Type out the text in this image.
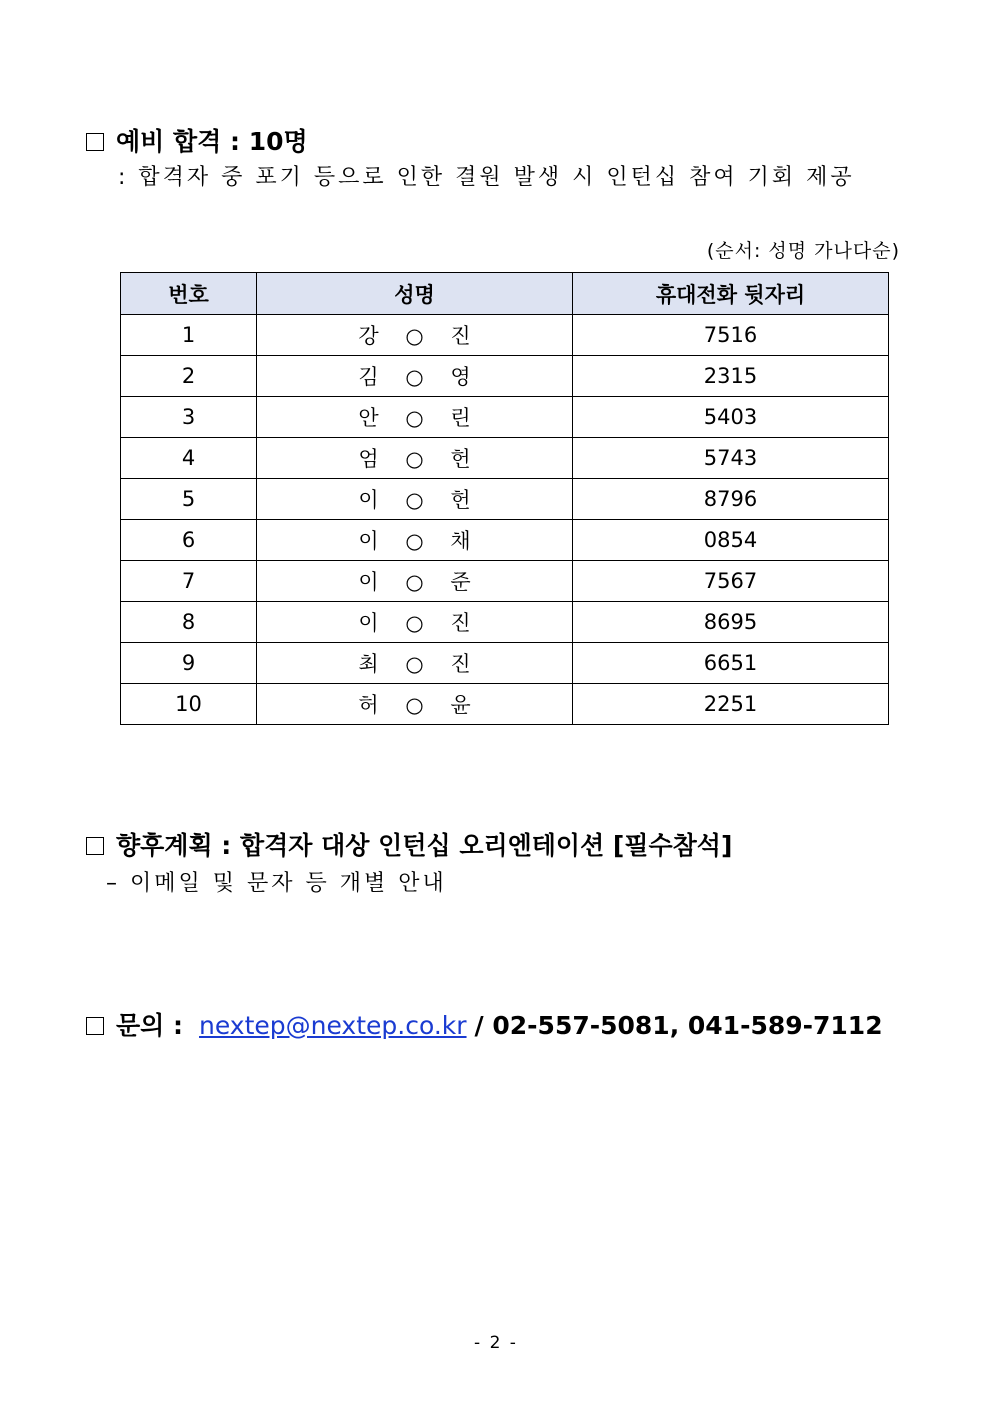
예비 합격 : 10명
: 합격자 중 포기 등으로 인한 결원 발생 시 인턴십 참여 기회 제공
(순서: 성명 가나다순)
번호	성명	휴대전화 뒷자리
1	강 ○ 진	7516
2	김 ○ 영	2315
3	안 ○ 린	5403
4	엄 ○ 헌	5743
5	이 ○ 헌	8796
6	이 ○ 채	0854
7	이 ○ 준	7567
8	이 ○ 진	8695
9	최 ○ 진	6651
10	허 ○ 윤	2251
향후계획 : 합격자 대상 인턴십 오리엔테이션 [필수참석]
– 이메일 및 문자 등 개별 안내
문의 : nextep@nextep.co.kr / 02-557-5081, 041-589-7112
- 2 -
